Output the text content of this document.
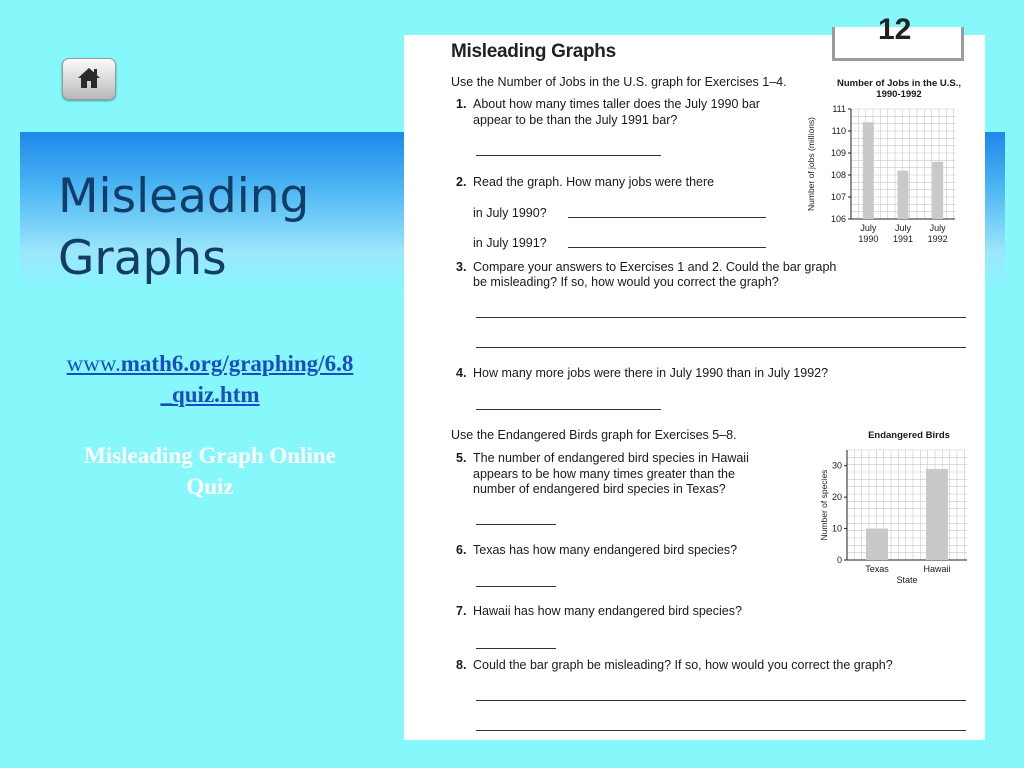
Misleading
Graphs
www.math6.org/graphing/6.8
_quiz.htm
Misleading Graph Online
Quiz
12
Misleading Graphs
Use the Number of Jobs in the U.S. graph for Exercises 1–4.
1. About how many times taller does the July 1990 bar
appear to be than the July 1991 bar?
2. Read the graph. How many jobs were there
in July 1990?
in July 1991?
3. Compare your answers to Exercises 1 and 2. Could the bar graph
be misleading? If so, how would you correct the graph?
4. How many more jobs were there in July 1990 than in July 1992?
Use the Endangered Birds graph for Exercises 5–8.
5. The number of endangered bird species in Hawaii
appears to be how many times greater than the
number of endangered bird species in Texas?
6. Texas has how many endangered bird species?
7. Hawaii has how many endangered bird species?
8. Could the bar graph be misleading? If so, how would you correct the graph?
Number of Jobs in the U.S.,
1990-1992
106
107
108
109
110
111
July
1990
July
1991
July
1992
Number of jobs (millions)
Endangered Birds
0
10
20
30
Texas	Hawaii
Number of species
State
